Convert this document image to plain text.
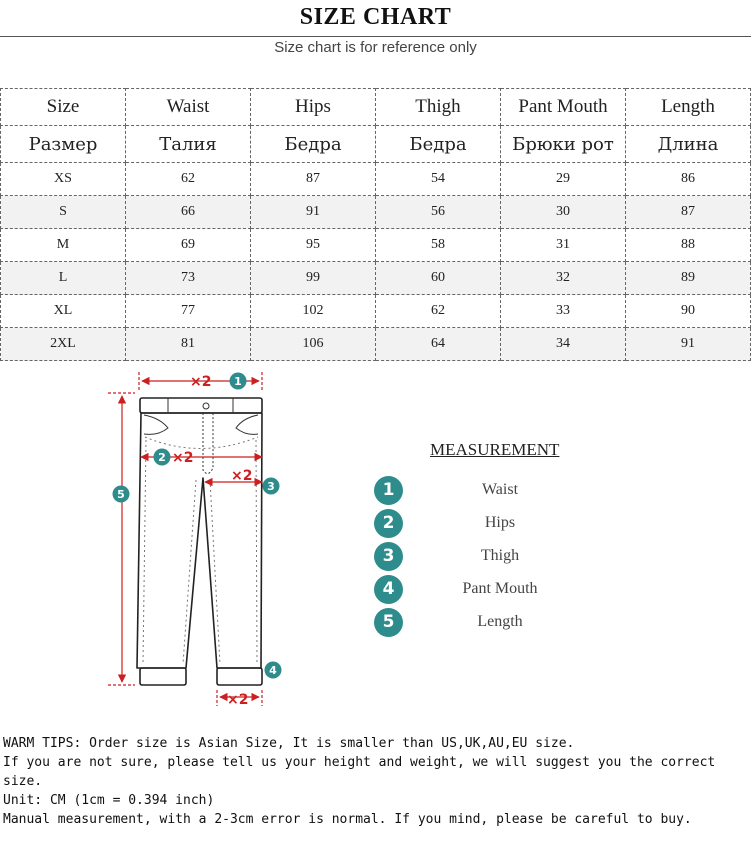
SIZE CHART
Size chart is for reference only
Size	Waist	Hips	Thigh	Pant Mouth	Length
Размер	Талия	Бедра	Бедра	Брюки рот	Длина
XS	62	87	54	29	86
S	66	91	56	30	87
M	69	95	58	31	88
L	73	99	60	32	89
XL	77	102	62	33	90
2XL	81	106	64	34	91
×2
×2
×2
×2
1
2
3
4
5
MEASUREMENT
1	Waist
2	Hips
3	Thigh
4	Pant Mouth
5	Length
WARM TIPS: Order size is Asian Size, It is smaller than US,UK,AU,EU size.
If you are not sure, please tell us your height and weight, we will suggest you the correct size.
Unit: CM (1cm = 0.394 inch)
Manual measurement, with a 2-3cm error is normal. If you mind, please be careful to buy.
